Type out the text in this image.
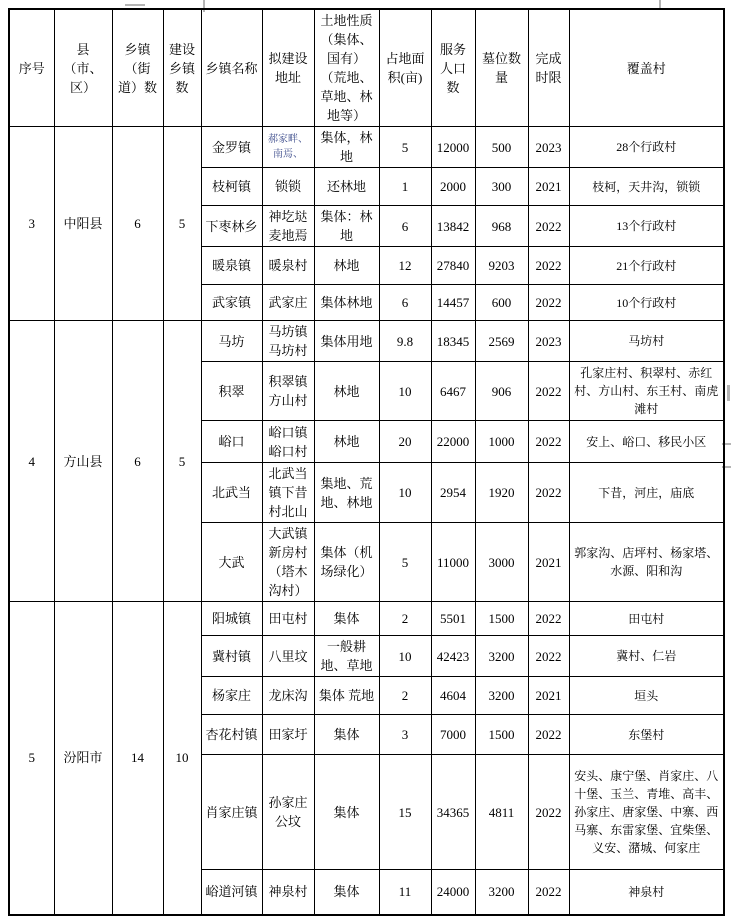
序号	县（市、区）	乡镇（街道）数	建设乡镇数	乡镇名称	拟建设地址	土地性质（集体、国有）（荒地、草地、林地等）	占地面积(亩)	服务人口数	墓位数量	完成时限	覆盖村
3	中阳县	6	5	金罗镇	郝家畔、南焉、	集体，林地	5	12000	500	2023	28个行政村
				枝柯镇	锁锁	还林地	1	2000	300	2021	枝柯，天井沟，锁锁
				下枣林乡	神圪垯麦地焉	集体：林地	6	13842	968	2022	13个行政村
				暖泉镇	暖泉村	林地	12	27840	9203	2022	21个行政村
				武家镇	武家庄	集体林地	6	14457	600	2022	10个行政村
4	方山县	6	5	马坊	马坊镇马坊村	集体用地	9.8	18345	2569	2023	马坊村
				积翠	积翠镇方山村	林地	10	6467	906	2022	孔家庄村、积翠村、赤红村、方山村、东王村、南虎滩村
				峪口	峪口镇峪口村	林地	20	22000	1000	2022	安上、峪口、移民小区
				北武当	北武当镇下昔村北山	集地、荒地、林地	10	2954	1920	2022	下昔，河庄，庙底
				大武	大武镇新房村（塔木沟村）	集体（机场绿化）	5	11000	3000	2021	郭家沟、店坪村、杨家塔、水源、阳和沟
5	汾阳市	14	10	阳城镇	田屯村	集体	2	5501	1500	2022	田屯村
				冀村镇	八里坟	一般耕地、草地	10	42423	3200	2022	冀村、仁岩
				杨家庄	龙床沟	集体 荒地	2	4604	3200	2021	垣头
				杏花村镇	田家圩	集体	3	7000	1500	2022	东堡村
				肖家庄镇	孙家庄公坟	集体	15	34365	4811	2022	安头、康宁堡、肖家庄、八十堡、玉兰、青堆、高丰、孙家庄、唐家堡、中寨、西马寨、东雷家堡、宜柴堡、义安、潴城、何家庄
				峪道河镇	神泉村	集体	11	24000	3200	2022	神泉村
